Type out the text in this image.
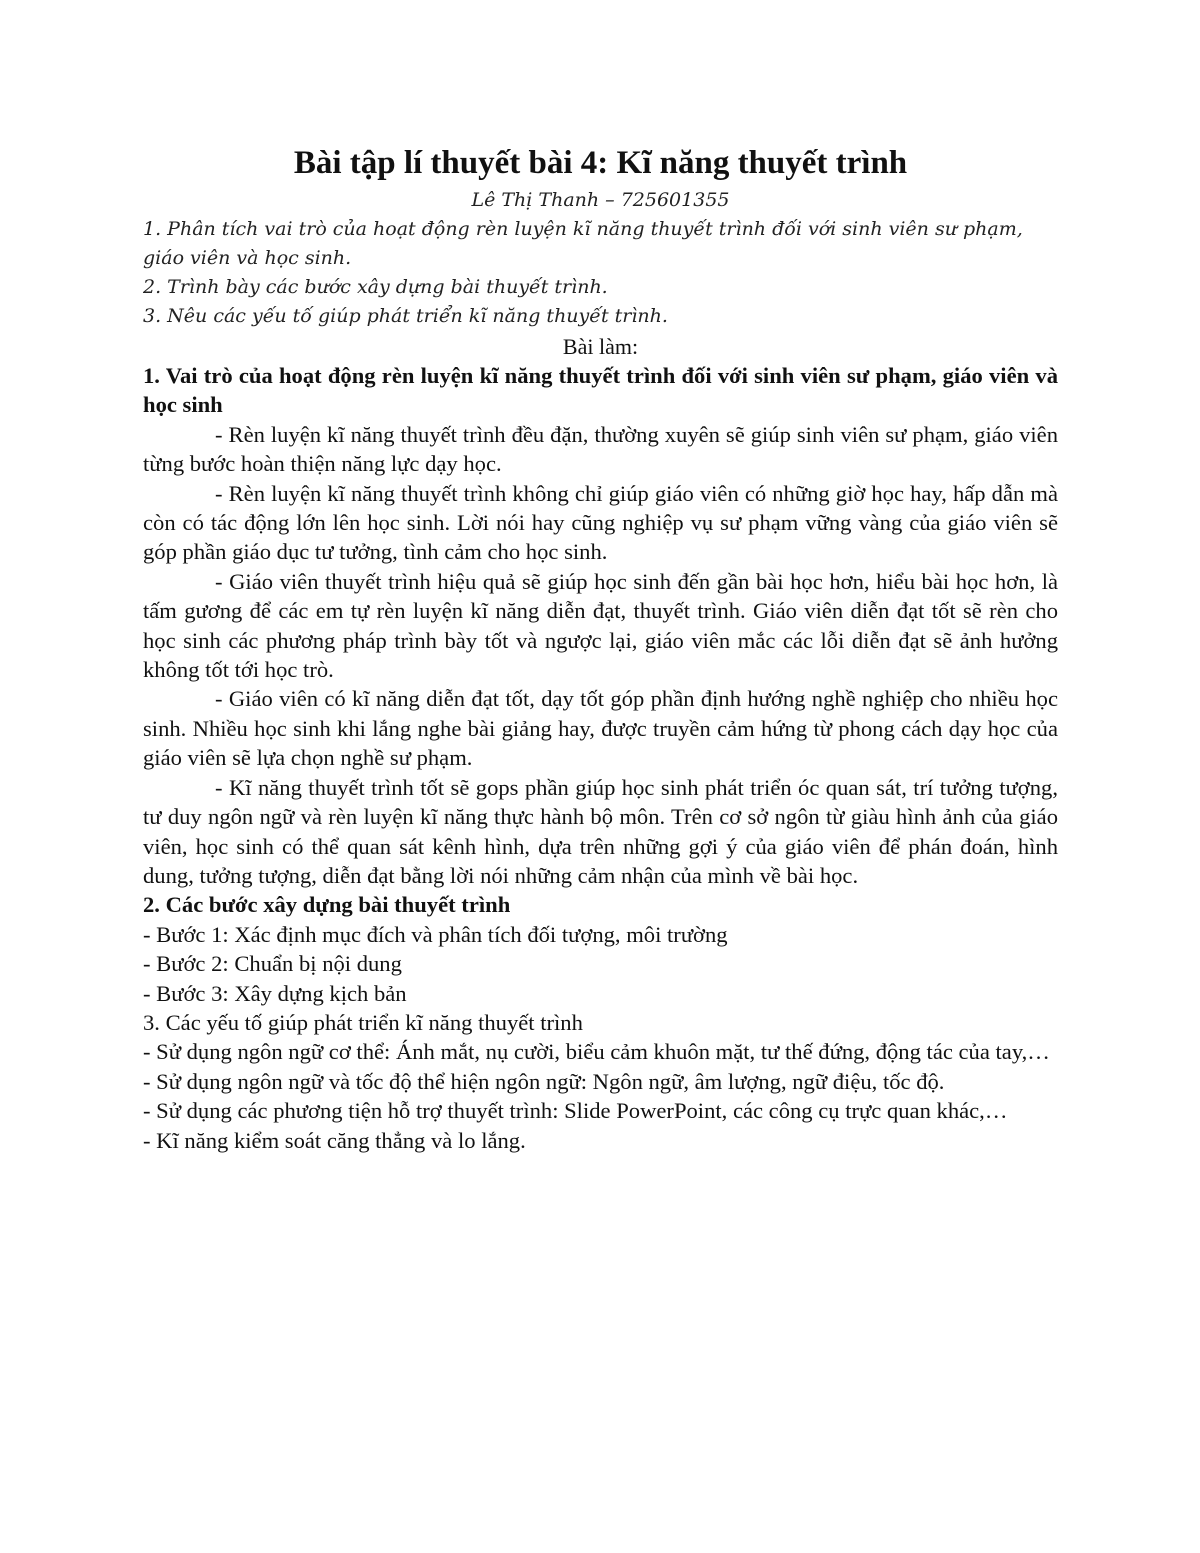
Bài tập lí thuyết bài 4: Kĩ năng thuyết trình
Lê Thị Thanh – 725601355

1. Phân tích vai trò của hoạt động rèn luyện kĩ năng thuyết trình đối với sinh viên sư phạm, giáo viên và học sinh.

2. Trình bày các bước xây dựng bài thuyết trình.

3. Nêu các yếu tố giúp phát triển kĩ năng thuyết trình.

Bài làm:

1. Vai trò của hoạt động rèn luyện kĩ năng thuyết trình đối với sinh viên sư phạm, giáo viên và học sinh

- Rèn luyện kĩ năng thuyết trình đều đặn, thường xuyên sẽ giúp sinh viên sư phạm, giáo viên từng bước hoàn thiện năng lực dạy học.

- Rèn luyện kĩ năng thuyết trình không chỉ giúp giáo viên có những giờ học hay, hấp dẫn mà còn có tác động lớn lên học sinh. Lời nói hay cũng nghiệp vụ sư phạm vững vàng của giáo viên sẽ góp phần giáo dục tư tưởng, tình cảm cho học sinh.

- Giáo viên thuyết trình hiệu quả sẽ giúp học sinh đến gần bài học hơn, hiểu bài học hơn, là tấm gương để các em tự rèn luyện kĩ năng diễn đạt, thuyết trình. Giáo viên diễn đạt tốt sẽ rèn cho học sinh các phương pháp trình bày tốt và ngược lại, giáo viên mắc các lỗi diễn đạt sẽ ảnh hưởng không tốt tới học trò.

- Giáo viên có kĩ năng diễn đạt tốt, dạy tốt góp phần định hướng nghề nghiệp cho nhiều học sinh. Nhiều học sinh khi lắng nghe bài giảng hay, được truyền cảm hứng từ phong cách dạy học của giáo viên sẽ lựa chọn nghề sư phạm.

- Kĩ năng thuyết trình tốt sẽ gops phần giúp học sinh phát triển óc quan sát, trí tưởng tượng, tư duy ngôn ngữ và rèn luyện kĩ năng thực hành bộ môn. Trên cơ sở ngôn từ giàu hình ảnh của giáo viên, học sinh có thể quan sát kênh hình, dựa trên những gợi ý của giáo viên để phán đoán, hình dung, tưởng tượng, diễn đạt bằng lời nói những cảm nhận của mình về bài học.

2. Các bước xây dựng bài thuyết trình

- Bước 1: Xác định mục đích và phân tích đối tượng, môi trường

- Bước 2: Chuẩn bị nội dung

- Bước 3: Xây dựng kịch bản

3. Các yếu tố giúp phát triển kĩ năng thuyết trình

- Sử dụng ngôn ngữ cơ thể: Ánh mắt, nụ cười, biểu cảm khuôn mặt, tư thế đứng, động tác của tay,…

- Sử dụng ngôn ngữ và tốc độ thể hiện ngôn ngữ: Ngôn ngữ, âm lượng, ngữ điệu, tốc độ.

- Sử dụng các phương tiện hỗ trợ thuyết trình: Slide PowerPoint, các công cụ trực quan khác,…

- Kĩ năng kiểm soát căng thẳng và lo lắng.
